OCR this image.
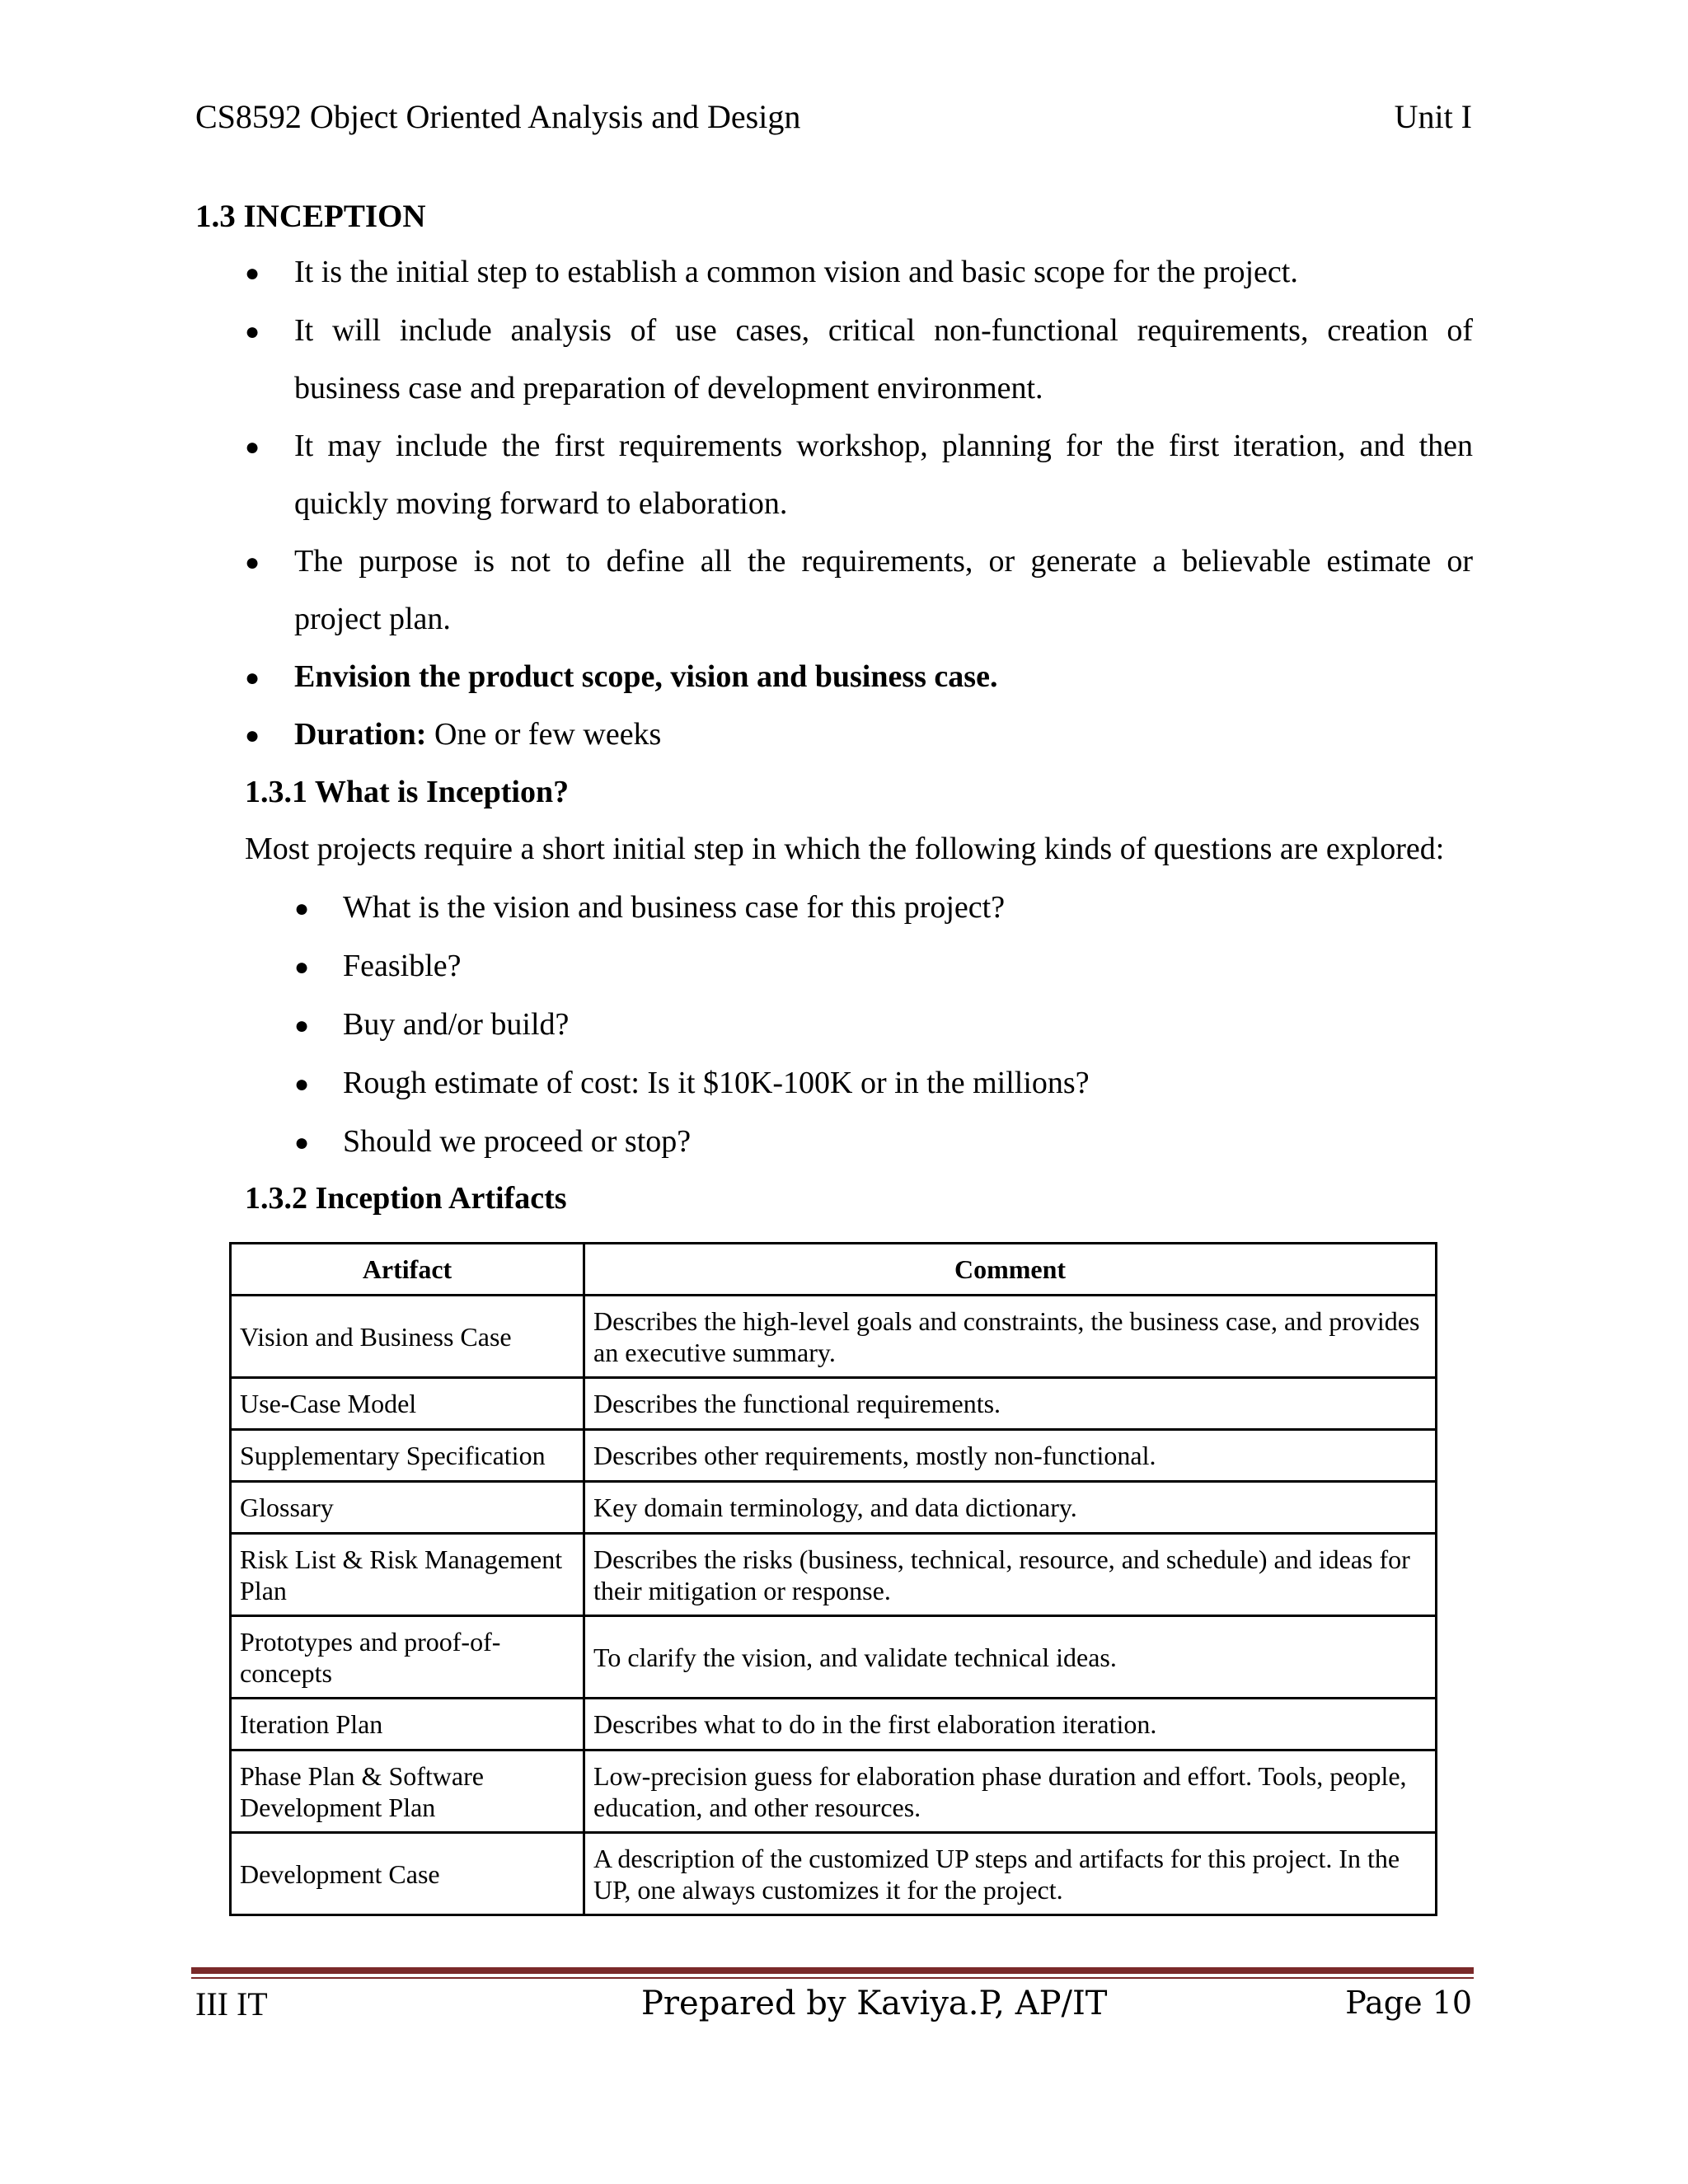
CS8592 Object Oriented Analysis and Design	Unit I
1.3 INCEPTION
● It is the initial step to establish a common vision and basic scope for the project.
● It will include analysis of use cases, critical non-functional requirements, creation of
business case and preparation of development environment.
● It may include the first requirements workshop, planning for the first iteration, and then
quickly moving forward to elaboration.
● The purpose is not to define all the requirements, or generate a believable estimate or
project plan.
● Envision the product scope, vision and business case.
● Duration: One or few weeks
1.3.1 What is Inception?
Most projects require a short initial step in which the following kinds of questions are explored:
● What is the vision and business case for this project?
● Feasible?
● Buy and/or build?
● Rough estimate of cost: Is it $10K-100K or in the millions?
● Should we proceed or stop?
1.3.2 Inception Artifacts
Artifact	Comment
Vision and Business Case	Describes the high-level goals and constraints, the business case, and provides an executive summary.
Use-Case Model	Describes the functional requirements.
Supplementary Specification	Describes other requirements, mostly non-functional.
Glossary	Key domain terminology, and data dictionary.
Risk List & Risk Management Plan	Describes the risks (business, technical, resource, and schedule) and ideas for their mitigation or response.
Prototypes and proof-of-concepts	To clarify the vision, and validate technical ideas.
Iteration Plan	Describes what to do in the first elaboration iteration.
Phase Plan & Software Development Plan	Low-precision guess for elaboration phase duration and effort. Tools, people, education, and other resources.
Development Case	A description of the customized UP steps and artifacts for this project. In the UP, one always customizes it for the project.
III IT	Prepared by Kaviya.P, AP/IT	Page 10
